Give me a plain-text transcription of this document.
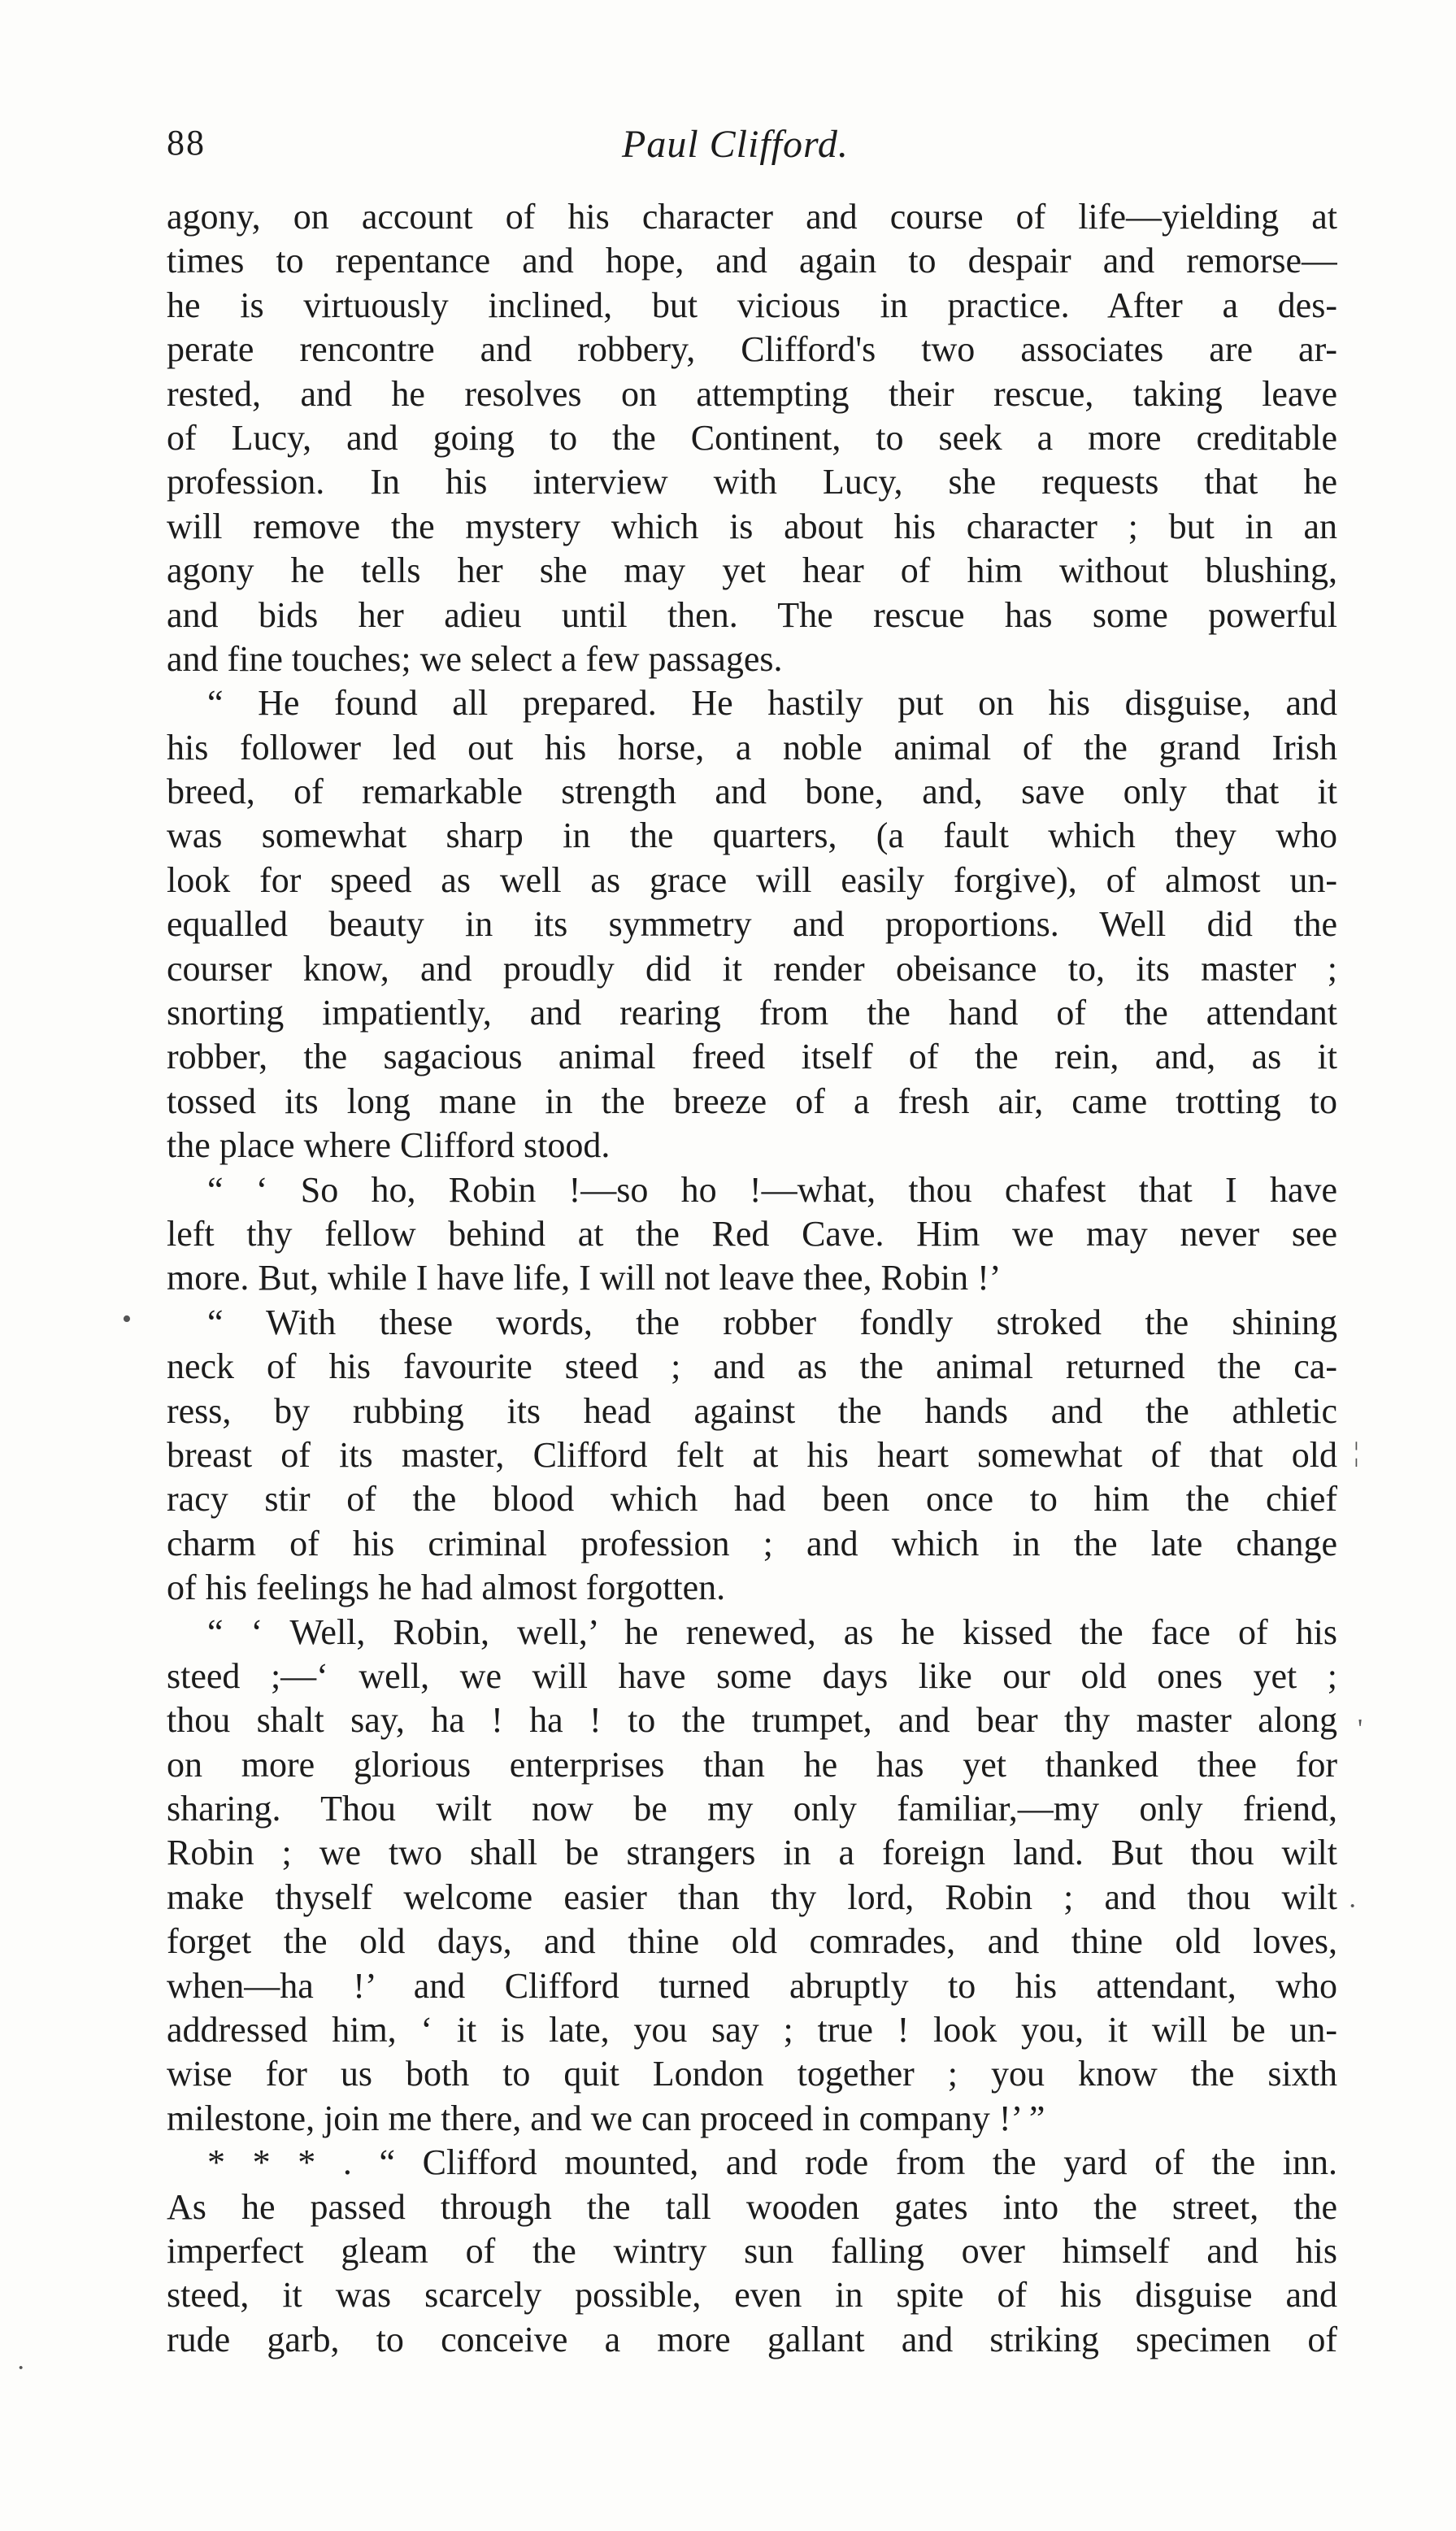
88	Paul Clifford.
agony, on account of his character and course of life—yielding at
times to repentance and hope, and again to despair and remorse—
he is virtuously inclined, but vicious in practice. After a des-
perate rencontre and robbery, Clifford's two associates are ar-
rested, and he resolves on attempting their rescue, taking leave
of Lucy, and going to the Continent, to seek a more creditable
profession. In his interview with Lucy, she requests that he
will remove the mystery which is about his character ; but in an
agony he tells her she may yet hear of him without blushing,
and bids her adieu until then. The rescue has some powerful
and fine touches; we select a few passages.
“ He found all prepared. He hastily put on his disguise, and
his follower led out his horse, a noble animal of the grand Irish
breed, of remarkable strength and bone, and, save only that it
was somewhat sharp in the quarters, (a fault which they who
look for speed as well as grace will easily forgive), of almost un-
equalled beauty in its symmetry and proportions. Well did the
courser know, and proudly did it render obeisance to, its master ;
snorting impatiently, and rearing from the hand of the attendant
robber, the sagacious animal freed itself of the rein, and, as it
tossed its long mane in the breeze of a fresh air, came trotting to
the place where Clifford stood.
“ ‘ So ho, Robin !—so ho !—what, thou chafest that I have
left thy fellow behind at the Red Cave. Him we may never see
more. But, while I have life, I will not leave thee, Robin !’
“ With these words, the robber fondly stroked the shining
neck of his favourite steed ; and as the animal returned the ca-
ress, by rubbing its head against the hands and the athletic
breast of its master, Clifford felt at his heart somewhat of that old
racy stir of the blood which had been once to him the chief
charm of his criminal profession ; and which in the late change
of his feelings he had almost forgotten.
“ ‘ Well, Robin, well,’ he renewed, as he kissed the face of his
steed ;—‘ well, we will have some days like our old ones yet ;
thou shalt say, ha ! ha ! to the trumpet, and bear thy master along
on more glorious enterprises than he has yet thanked thee for
sharing. Thou wilt now be my only familiar,—my only friend,
Robin ; we two shall be strangers in a foreign land. But thou wilt
make thyself welcome easier than thy lord, Robin ; and thou wilt
forget the old days, and thine old comrades, and thine old loves,
when—ha !’ and Clifford turned abruptly to his attendant, who
addressed him, ‘ it is late, you say ; true ! look you, it will be un-
wise for us both to quit London together ; you know the sixth
milestone, join me there, and we can proceed in company !’ ”
* * * . “ Clifford mounted, and rode from the yard of the inn.
As he passed through the tall wooden gates into the street, the
imperfect gleam of the wintry sun falling over himself and his
steed, it was scarcely possible, even in spite of his disguise and
rude garb, to conceive a more gallant and striking specimen of
•
¦
'
·
·
